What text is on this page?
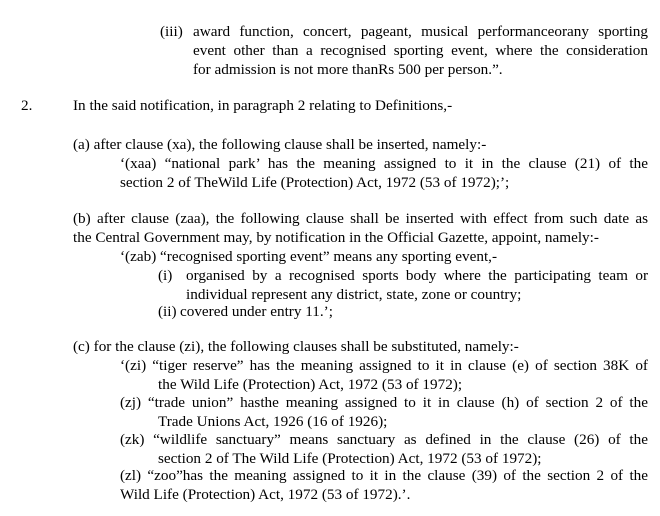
(iii) award function, concert, pageant, musical performanceorany sporting
event other than a recognised sporting event, where the consideration
for admission is not more thanRs 500 per person.”.
2.	In the said notification, in paragraph 2 relating to Definitions,-
(a) after clause (xa), the following clause shall be inserted, namely:-
‘(xaa) “national park’ has the meaning assigned to it in the clause (21) of the
section 2 of TheWild Life (Protection) Act, 1972 (53 of 1972);’;
(b) after clause (zaa), the following clause shall be inserted with effect from such date as
the Central Government may, by notification in the Official Gazette, appoint, namely:-
‘(zab) “recognised sporting event” means any sporting event,-
(i) organised by a recognised sports body where the participating team or
individual represent any district, state, zone or country;
(ii) covered under entry 11.’;
(c) for the clause (zi), the following clauses shall be substituted, namely:-
‘(zi) “tiger reserve” has the meaning assigned to it in clause (e) of section 38K of
the Wild Life (Protection) Act, 1972 (53 of 1972);
(zj) “trade union” hasthe meaning assigned to it in clause (h) of section 2 of the
Trade Unions Act, 1926 (16 of 1926);
(zk) “wildlife sanctuary” means sanctuary as defined in the clause (26) of the
section 2 of The Wild Life (Protection) Act, 1972 (53 of 1972);
(zl) “zoo”has the meaning assigned to it in the clause (39) of the section 2 of the
Wild Life (Protection) Act, 1972 (53 of 1972).’.
